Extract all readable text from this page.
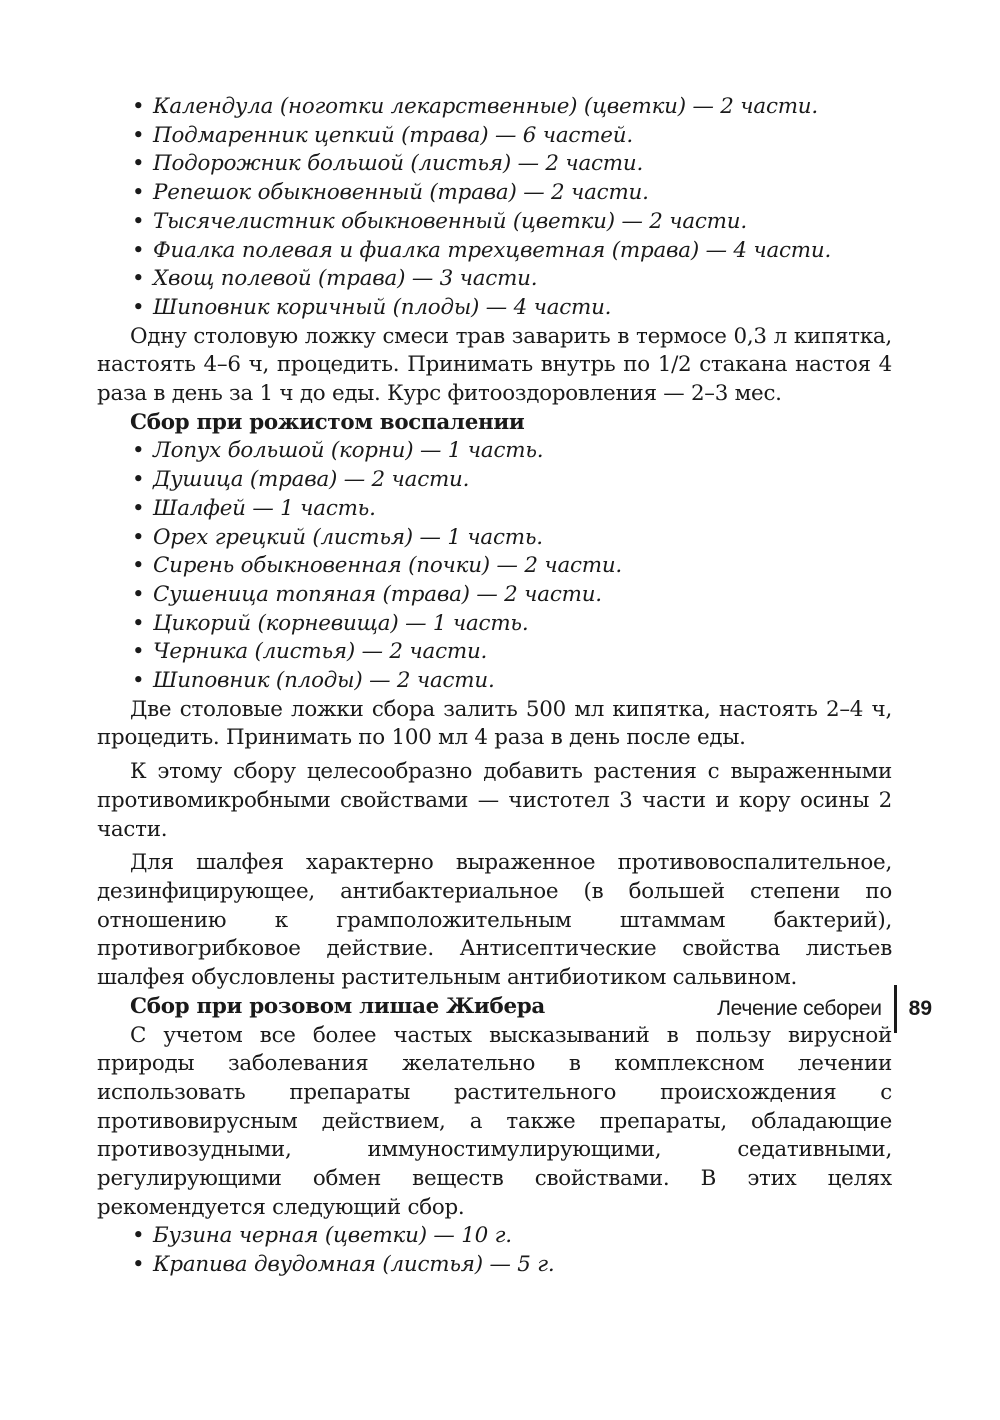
• Календула (ноготки лекарственные) (цветки) — 2 части.
• Подмаренник цепкий (трава) — 6 частей.
• Подорожник большой (листья) — 2 части.
• Репешок обыкновенный (трава) — 2 части.
• Тысячелистник обыкновенный (цветки) — 2 части.
• Фиалка полевая и фиалка трехцветная (трава) — 4 части.
• Хвощ полевой (трава) — 3 части.
• Шиповник коричный (плоды) — 4 части.

Одну столовую ложку смеси трав заварить в термосе 0,3 л кипятка, настоять 4–6 ч, процедить. Принимать внутрь по 1/2 стакана настоя 4 раза в день за 1 ч до еды. Курс фитооздоровления — 2–3 мес.

Сбор при рожистом воспалении

• Лопух большой (корни) — 1 часть.
• Душица (трава) — 2 части.
• Шалфей — 1 часть.
• Орех грецкий (листья) — 1 часть.
• Сирень обыкновенная (почки) — 2 части.
• Сушеница топяная (трава) — 2 части.
• Цикорий (корневища) — 1 часть.
• Черника (листья) — 2 части.
• Шиповник (плоды) — 2 части.

Две столовые ложки сбора залить 500 мл кипятка, настоять 2–4 ч, процедить. Принимать по 100 мл 4 раза в день после еды.

К этому сбору целесообразно добавить растения с выраженными противомикробными свойствами — чистотел 3 части и кору осины 2 части.

Для шалфея характерно выраженное противовоспалительное, дезинфицирующее, антибактериальное (в большей степени по отношению к грамположительным штаммам бактерий), противогрибковое действие. Антисептические свойства листьев шалфея обусловлены растительным антибиотиком сальвином.

Сбор при розовом лишае Жибера

С учетом все более частых высказываний в пользу вирусной природы заболевания желательно в комплексном лечении использовать препараты растительного происхождения с противовирусным действием, а также препараты, обладающие противозудными, иммуностимулирующими, седативными, регулирующими обмен веществ свойствами. В этих целях рекомендуется следующий сбор.

• Бузина черная (цветки) — 10 г.
• Крапива двудомная (листья) — 5 г.
Лечение себореи	89
